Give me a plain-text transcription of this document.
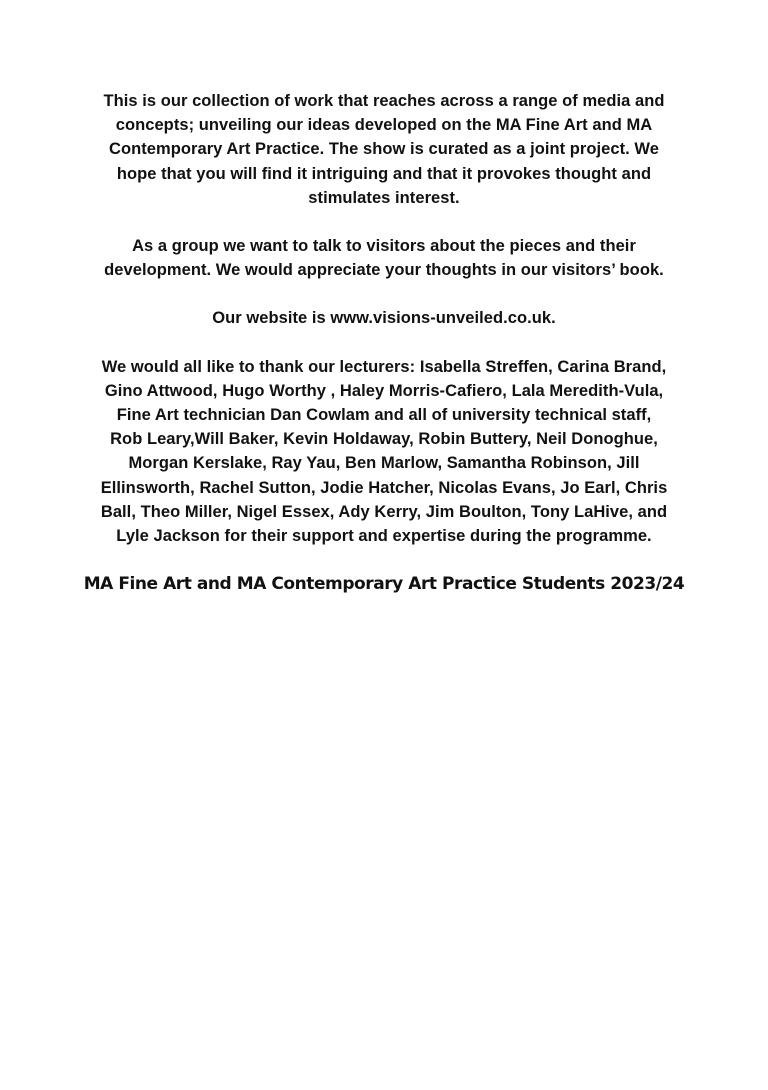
This is our collection of work that reaches across a range of media and
concepts; unveiling our ideas developed on the MA Fine Art and MA
Contemporary Art Practice. The show is curated as a joint project. We
hope that you will find it intriguing and that it provokes thought and
stimulates interest.

As a group we want to talk to visitors about the pieces and their
development. We would appreciate your thoughts in our visitors’ book.

Our website is www.visions-unveiled.co.uk.

We would all like to thank our lecturers: Isabella Streffen, Carina Brand,
Gino Attwood, Hugo Worthy , Haley Morris-Cafiero, Lala Meredith-Vula,
Fine Art technician Dan Cowlam and all of university technical staff,
Rob Leary,Will Baker, Kevin Holdaway, Robin Buttery, Neil Donoghue,
Morgan Kerslake, Ray Yau, Ben Marlow, Samantha Robinson, Jill
Ellinsworth, Rachel Sutton, Jodie Hatcher, Nicolas Evans, Jo Earl, Chris
Ball, Theo Miller, Nigel Essex, Ady Kerry, Jim Boulton, Tony LaHive, and
Lyle Jackson for their support and expertise during the programme.

MA Fine Art and MA Contemporary Art Practice Students 2023/24
